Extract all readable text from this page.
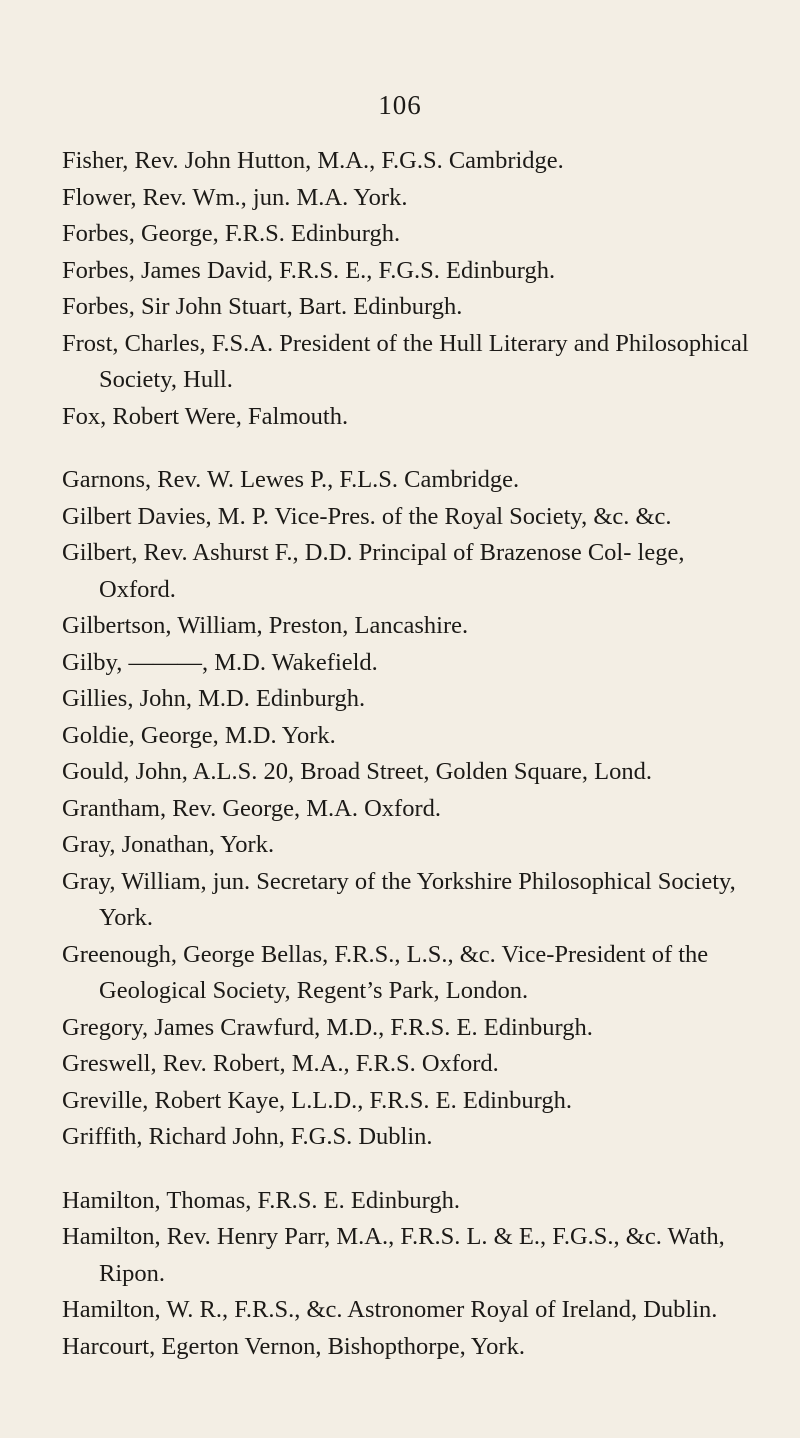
106
Fisher, Rev. John Hutton, M.A., F.G.S. Cambridge.
Flower, Rev. Wm., jun. M.A. York.
Forbes, George, F.R.S. Edinburgh.
Forbes, James David, F.R.S. E., F.G.S. Edinburgh.
Forbes, Sir John Stuart, Bart. Edinburgh.
Frost, Charles, F.S.A. President of the Hull Literary and Philosophical Society, Hull.
Fox, Robert Were, Falmouth.
Garnons, Rev. W. Lewes P., F.L.S. Cambridge.
Gilbert Davies, M. P. Vice-Pres. of the Royal Society, &c. &c.
Gilbert, Rev. Ashurst F., D.D. Principal of Brazenose Col- lege, Oxford.
Gilbertson, William, Preston, Lancashire.
Gilby, ———, M.D. Wakefield.
Gillies, John, M.D. Edinburgh.
Goldie, George, M.D. York.
Gould, John, A.L.S. 20, Broad Street, Golden Square, Lond.
Grantham, Rev. George, M.A. Oxford.
Gray, Jonathan, York.
Gray, William, jun. Secretary of the Yorkshire Philosophical Society, York.
Greenough, George Bellas, F.R.S., L.S., &c. Vice-President of the Geological Society, Regent’s Park, London.
Gregory, James Crawfurd, M.D., F.R.S. E. Edinburgh.
Greswell, Rev. Robert, M.A., F.R.S. Oxford.
Greville, Robert Kaye, L.L.D., F.R.S. E. Edinburgh.
Griffith, Richard John, F.G.S. Dublin.
Hamilton, Thomas, F.R.S. E. Edinburgh.
Hamilton, Rev. Henry Parr, M.A., F.R.S. L. & E., F.G.S., &c. Wath, Ripon.
Hamilton, W. R., F.R.S., &c. Astronomer Royal of Ireland, Dublin.
Harcourt, Egerton Vernon, Bishopthorpe, York.
